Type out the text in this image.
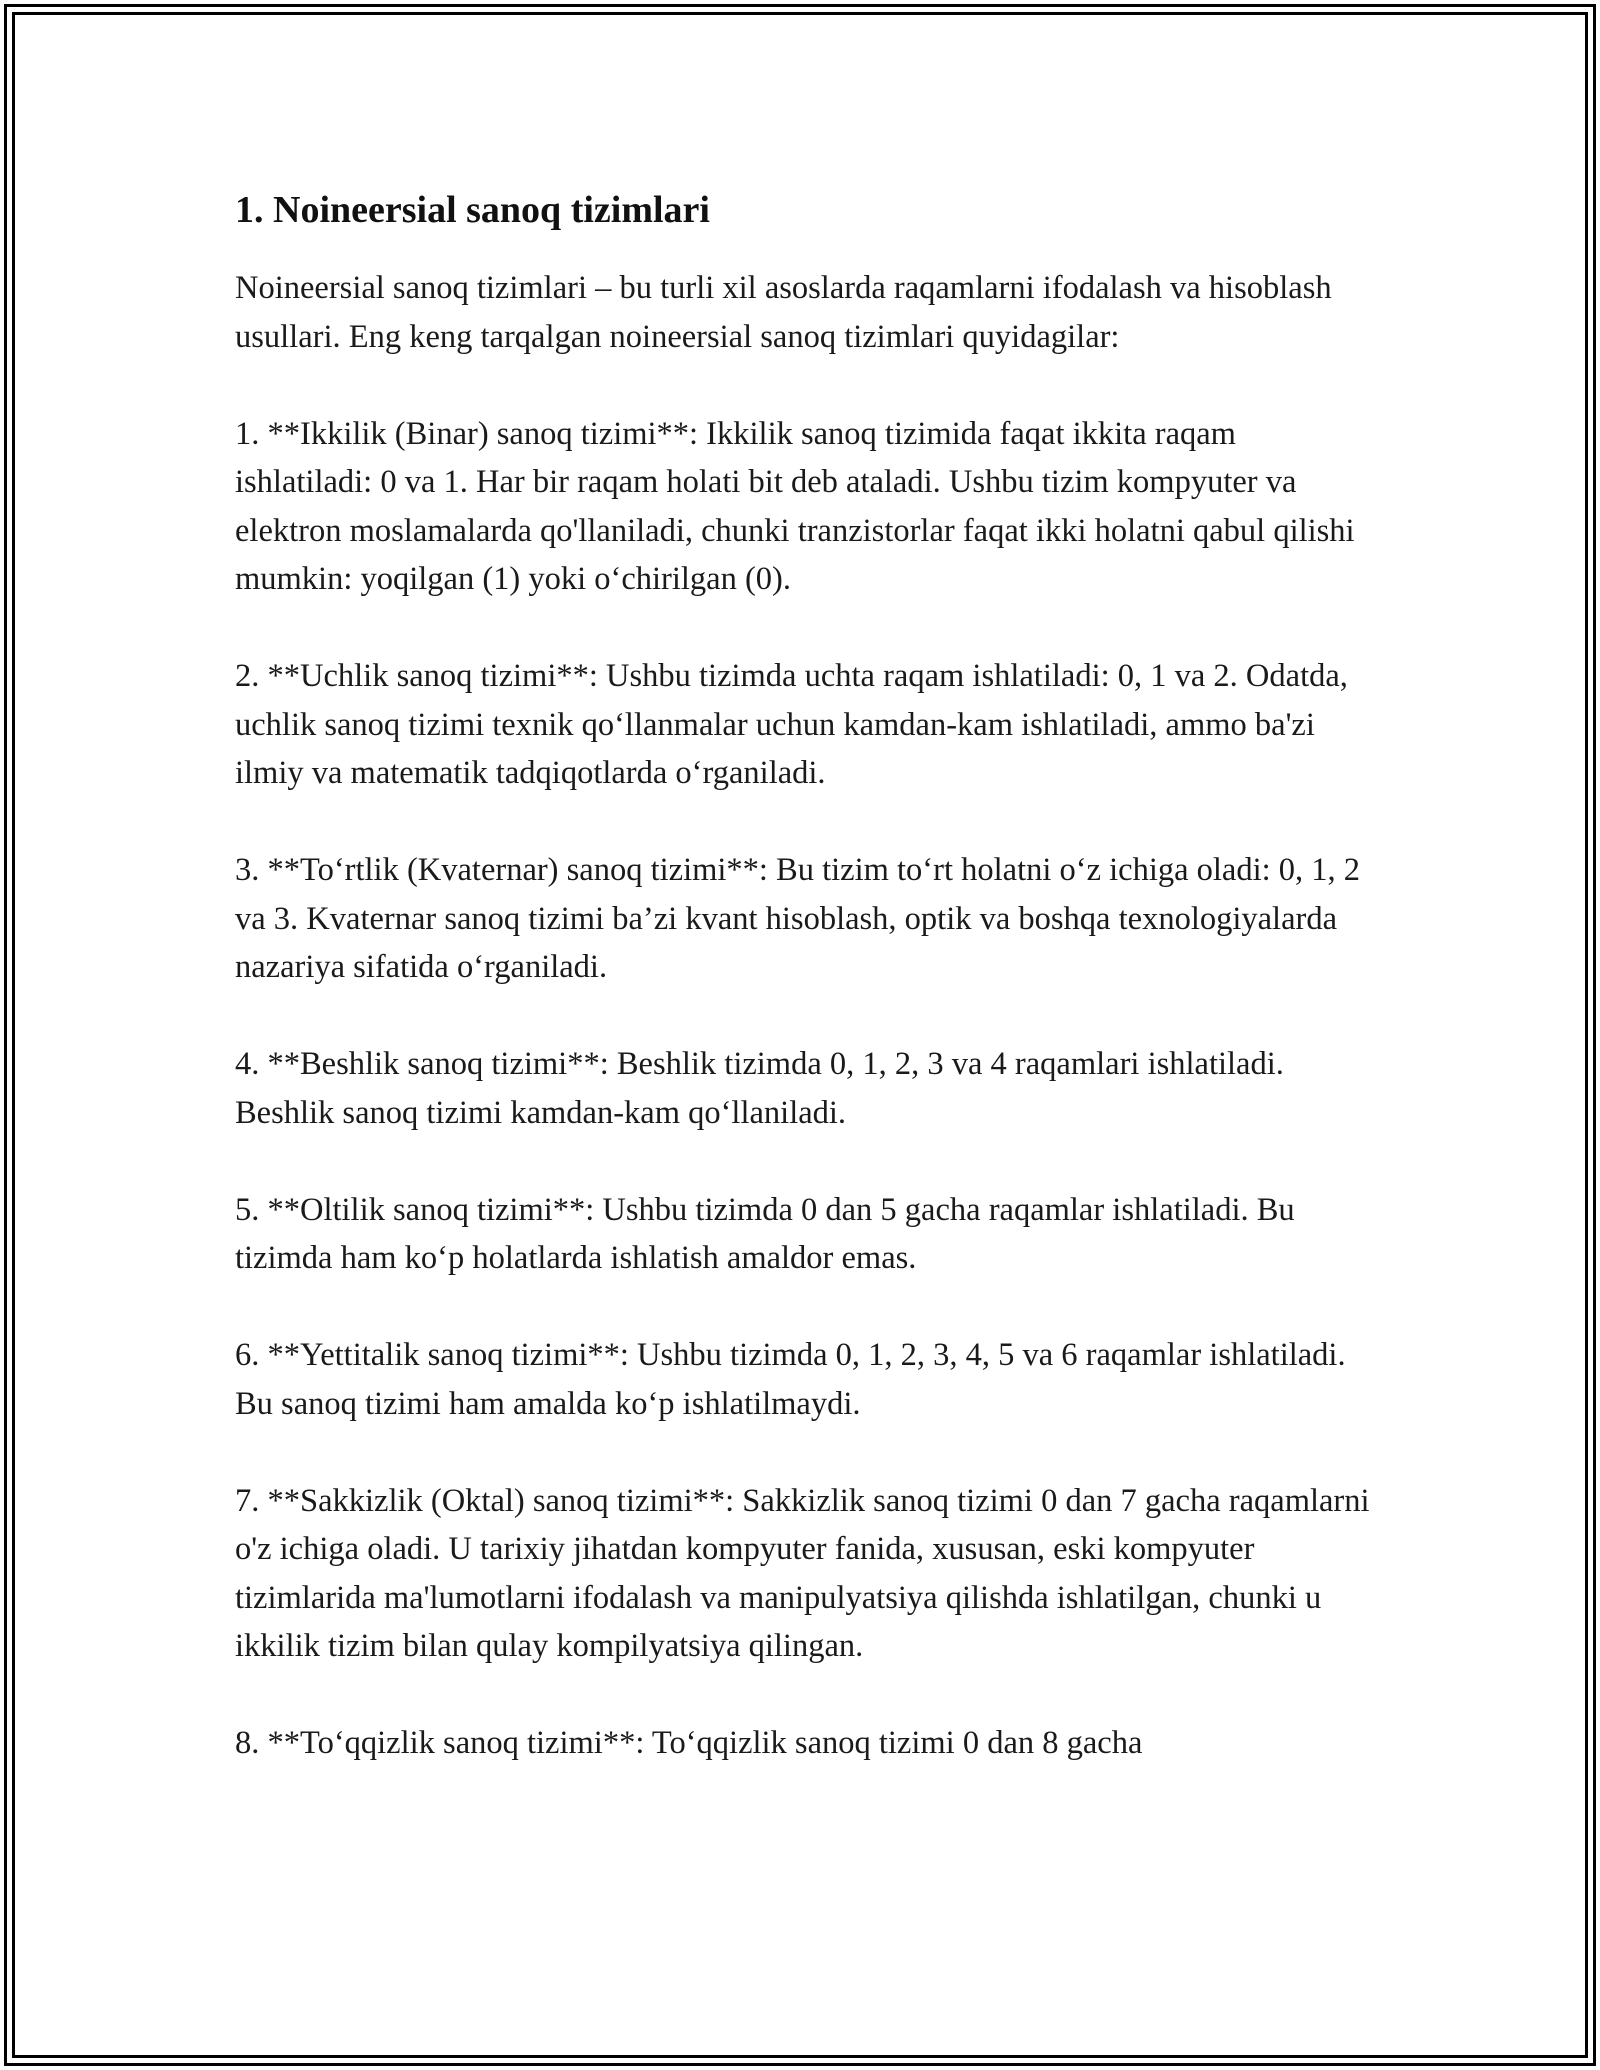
1. Noineersial sanoq tizimlari

Noineersial sanoq tizimlari – bu turli xil asoslarda raqamlarni ifodalash va hisoblash usullari. Eng keng tarqalgan noineersial sanoq tizimlari quyidagilar:

1. **Ikkilik (Binar) sanoq tizimi**: Ikkilik sanoq tizimida faqat ikkita raqam ishlatiladi: 0 va 1. Har bir raqam holati bit deb ataladi. Ushbu tizim kompyuter va elektron moslamalarda qo'llaniladi, chunki tranzistorlar faqat ikki holatni qabul qilishi mumkin: yoqilgan (1) yoki o‘chirilgan (0).

2. **Uchlik sanoq tizimi**: Ushbu tizimda uchta raqam ishlatiladi: 0, 1 va 2. Odatda, uchlik sanoq tizimi texnik qo‘llanmalar uchun kamdan-kam ishlatiladi, ammo ba'zi ilmiy va matematik tadqiqotlarda o‘rganiladi.

3. **To‘rtlik (Kvaternar) sanoq tizimi**: Bu tizim to‘rt holatni o‘z ichiga oladi: 0, 1, 2 va 3. Kvaternar sanoq tizimi ba’zi kvant hisoblash, optik va boshqa texnologiyalarda nazariya sifatida o‘rganiladi.

4. **Beshlik sanoq tizimi**: Beshlik tizimda 0, 1, 2, 3 va 4 raqamlari ishlatiladi. Beshlik sanoq tizimi kamdan-kam qo‘llaniladi.

5. **Oltilik sanoq tizimi**: Ushbu tizimda 0 dan 5 gacha raqamlar ishlatiladi. Bu tizimda ham ko‘p holatlarda ishlatish amaldor emas.

6. **Yettitalik sanoq tizimi**: Ushbu tizimda 0, 1, 2, 3, 4, 5 va 6 raqamlar ishlatiladi. Bu sanoq tizimi ham amalda ko‘p ishlatilmaydi.

7. **Sakkizlik (Oktal) sanoq tizimi**: Sakkizlik sanoq tizimi 0 dan 7 gacha raqamlarni o'z ichiga oladi. U tarixiy jihatdan kompyuter fanida, xususan, eski kompyuter tizimlarida ma'lumotlarni ifodalash va manipulyatsiya qilishda ishlatilgan, chunki u ikkilik tizim bilan qulay kompilyatsiya qilingan.

8. **To‘qqizlik sanoq tizimi**: To‘qqizlik sanoq tizimi 0 dan 8 gacha
